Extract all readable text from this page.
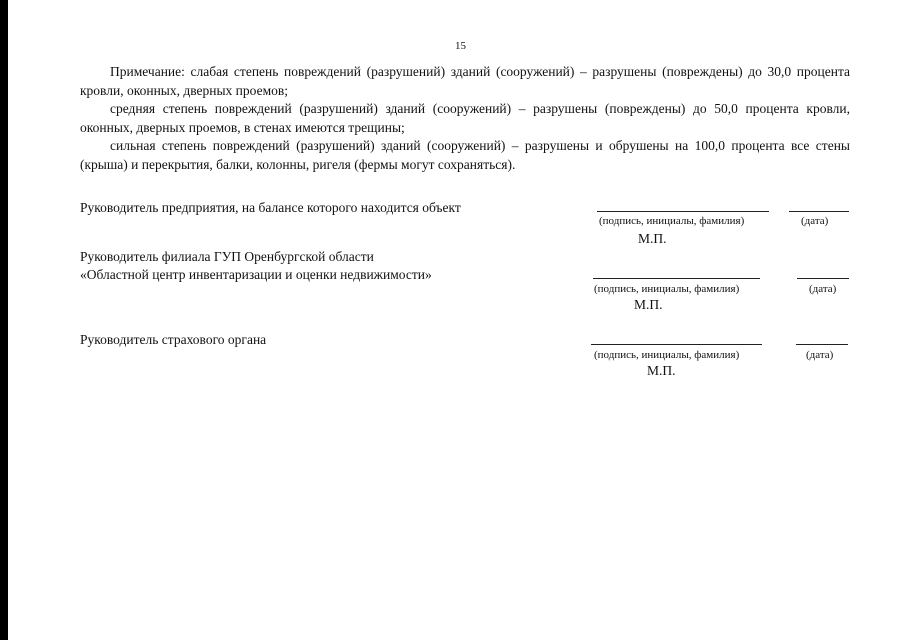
15

Примечание: слабая степень повреждений (разрушений) зданий (сооружений) – разрушены (повреждены) до 30,0 процента кровли, оконных, дверных проемов;

средняя степень повреждений (разрушений) зданий (сооружений) – разрушены (повреждены) до 50,0 процента кровли, оконных, дверных проемов, в стенах имеются трещины;

сильная степень повреждений (разрушений) зданий (сооружений) – разрушены и обрушены на 100,0 процента все стены (крыша) и перекрытия, балки, колонны, ригеля (фермы могут сохраняться).

Руководитель предприятия, на балансе которого находится объект
(подпись, инициалы, фамилия)	(дата)
М.П.
Руководитель филиала ГУП Оренбургской области
«Областной центр инвентаризации и оценки недвижимости»
(подпись, инициалы, фамилия)	(дата)
М.П.
Руководитель страхового органа
(подпись, инициалы, фамилия)	(дата)
М.П.
